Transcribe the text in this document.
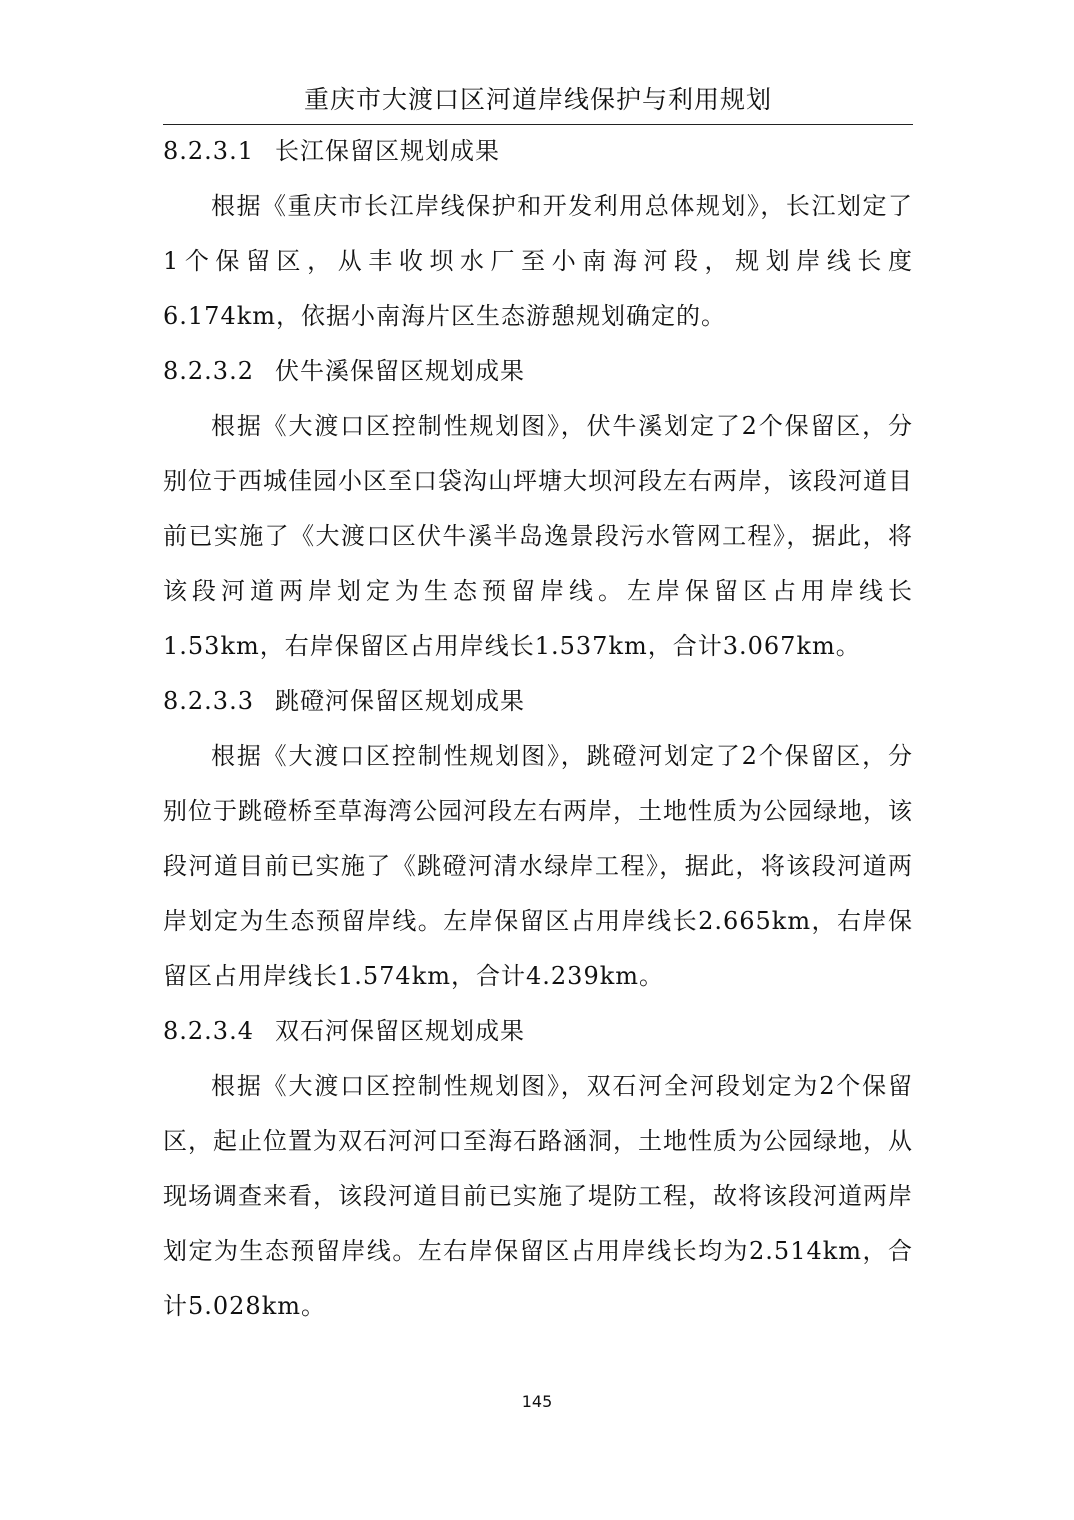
重庆市大渡口区河道岸线保护与利用规划
8.2.3.1 长江保留区规划成果

根据《重庆市长江岸线保护和开发利用总体规划》，长江划定了1个保留区，从丰收坝水厂至小南海河段，规划岸线长度6.174km，依据小南海片区生态游憩规划确定的。

8.2.3.2 伏牛溪保留区规划成果

根据《大渡口区控制性规划图》，伏牛溪划定了2个保留区，分别位于西城佳园小区至口袋沟山坪塘大坝河段左右两岸，该段河道目前已实施了《大渡口区伏牛溪半岛逸景段污水管网工程》，据此，将该段河道两岸划定为生态预留岸线。左岸保留区占用岸线长1.53km，右岸保留区占用岸线长1.537km，合计3.067km。

8.2.3.3 跳磴河保留区规划成果

根据《大渡口区控制性规划图》，跳磴河划定了2个保留区，分别位于跳磴桥至草海湾公园河段左右两岸，土地性质为公园绿地，该段河道目前已实施了《跳磴河清水绿岸工程》，据此，将该段河道两岸划定为生态预留岸线。左岸保留区占用岸线长2.665km，右岸保留区占用岸线长1.574km，合计4.239km。

8.2.3.4 双石河保留区规划成果

根据《大渡口区控制性规划图》，双石河全河段划定为2个保留区，起止位置为双石河河口至海石路涵洞，土地性质为公园绿地，从现场调查来看，该段河道目前已实施了堤防工程，故将该段河道两岸划定为生态预留岸线。左右岸保留区占用岸线长均为2.514km，合计5.028km。

145
